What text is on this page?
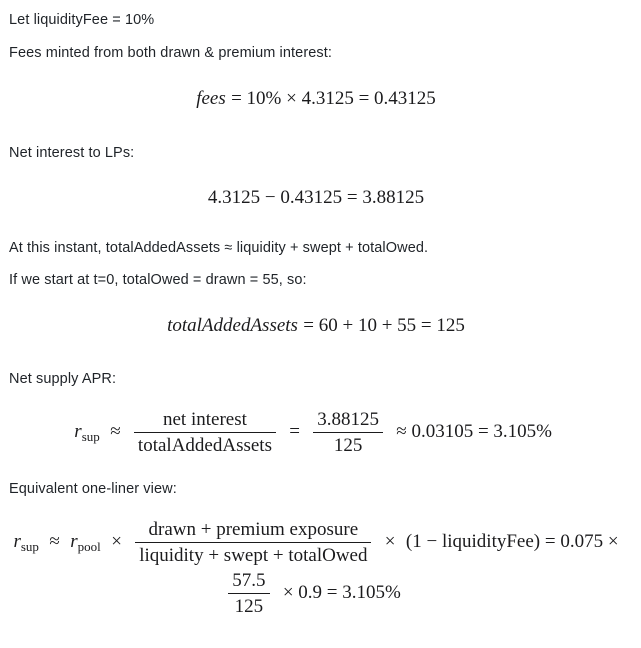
Let liquidityFee = 10%

Fees minted from both drawn & premium interest:

fees = 10% × 4.3125 = 0.43125

Net interest to LPs:

4.3125 − 0.43125 = 3.88125

At this instant, totalAddedAssets ≈ liquidity + swept + totalOwed.

If we start at t=0, totalOwed = drawn = 55, so:

totalAddedAssets = 60 + 10 + 55 = 125

Net supply APR:

$r_{sup} \approx \frac{\text{net interest}}{\text{totalAddedAssets}} = \frac{3.88125}{125} \approx 0.03105 = 3.105\%$

Equivalent one-liner view:

$r_{sup} \approx r_{pool} \times \frac{\text{drawn + premium exposure}}{\text{liquidity + swept + totalOwed}} \times (1$ − liquidityFee) = 0.075 ×
$\frac{57.5}{125} \times 0.9 = 3.105\%$
